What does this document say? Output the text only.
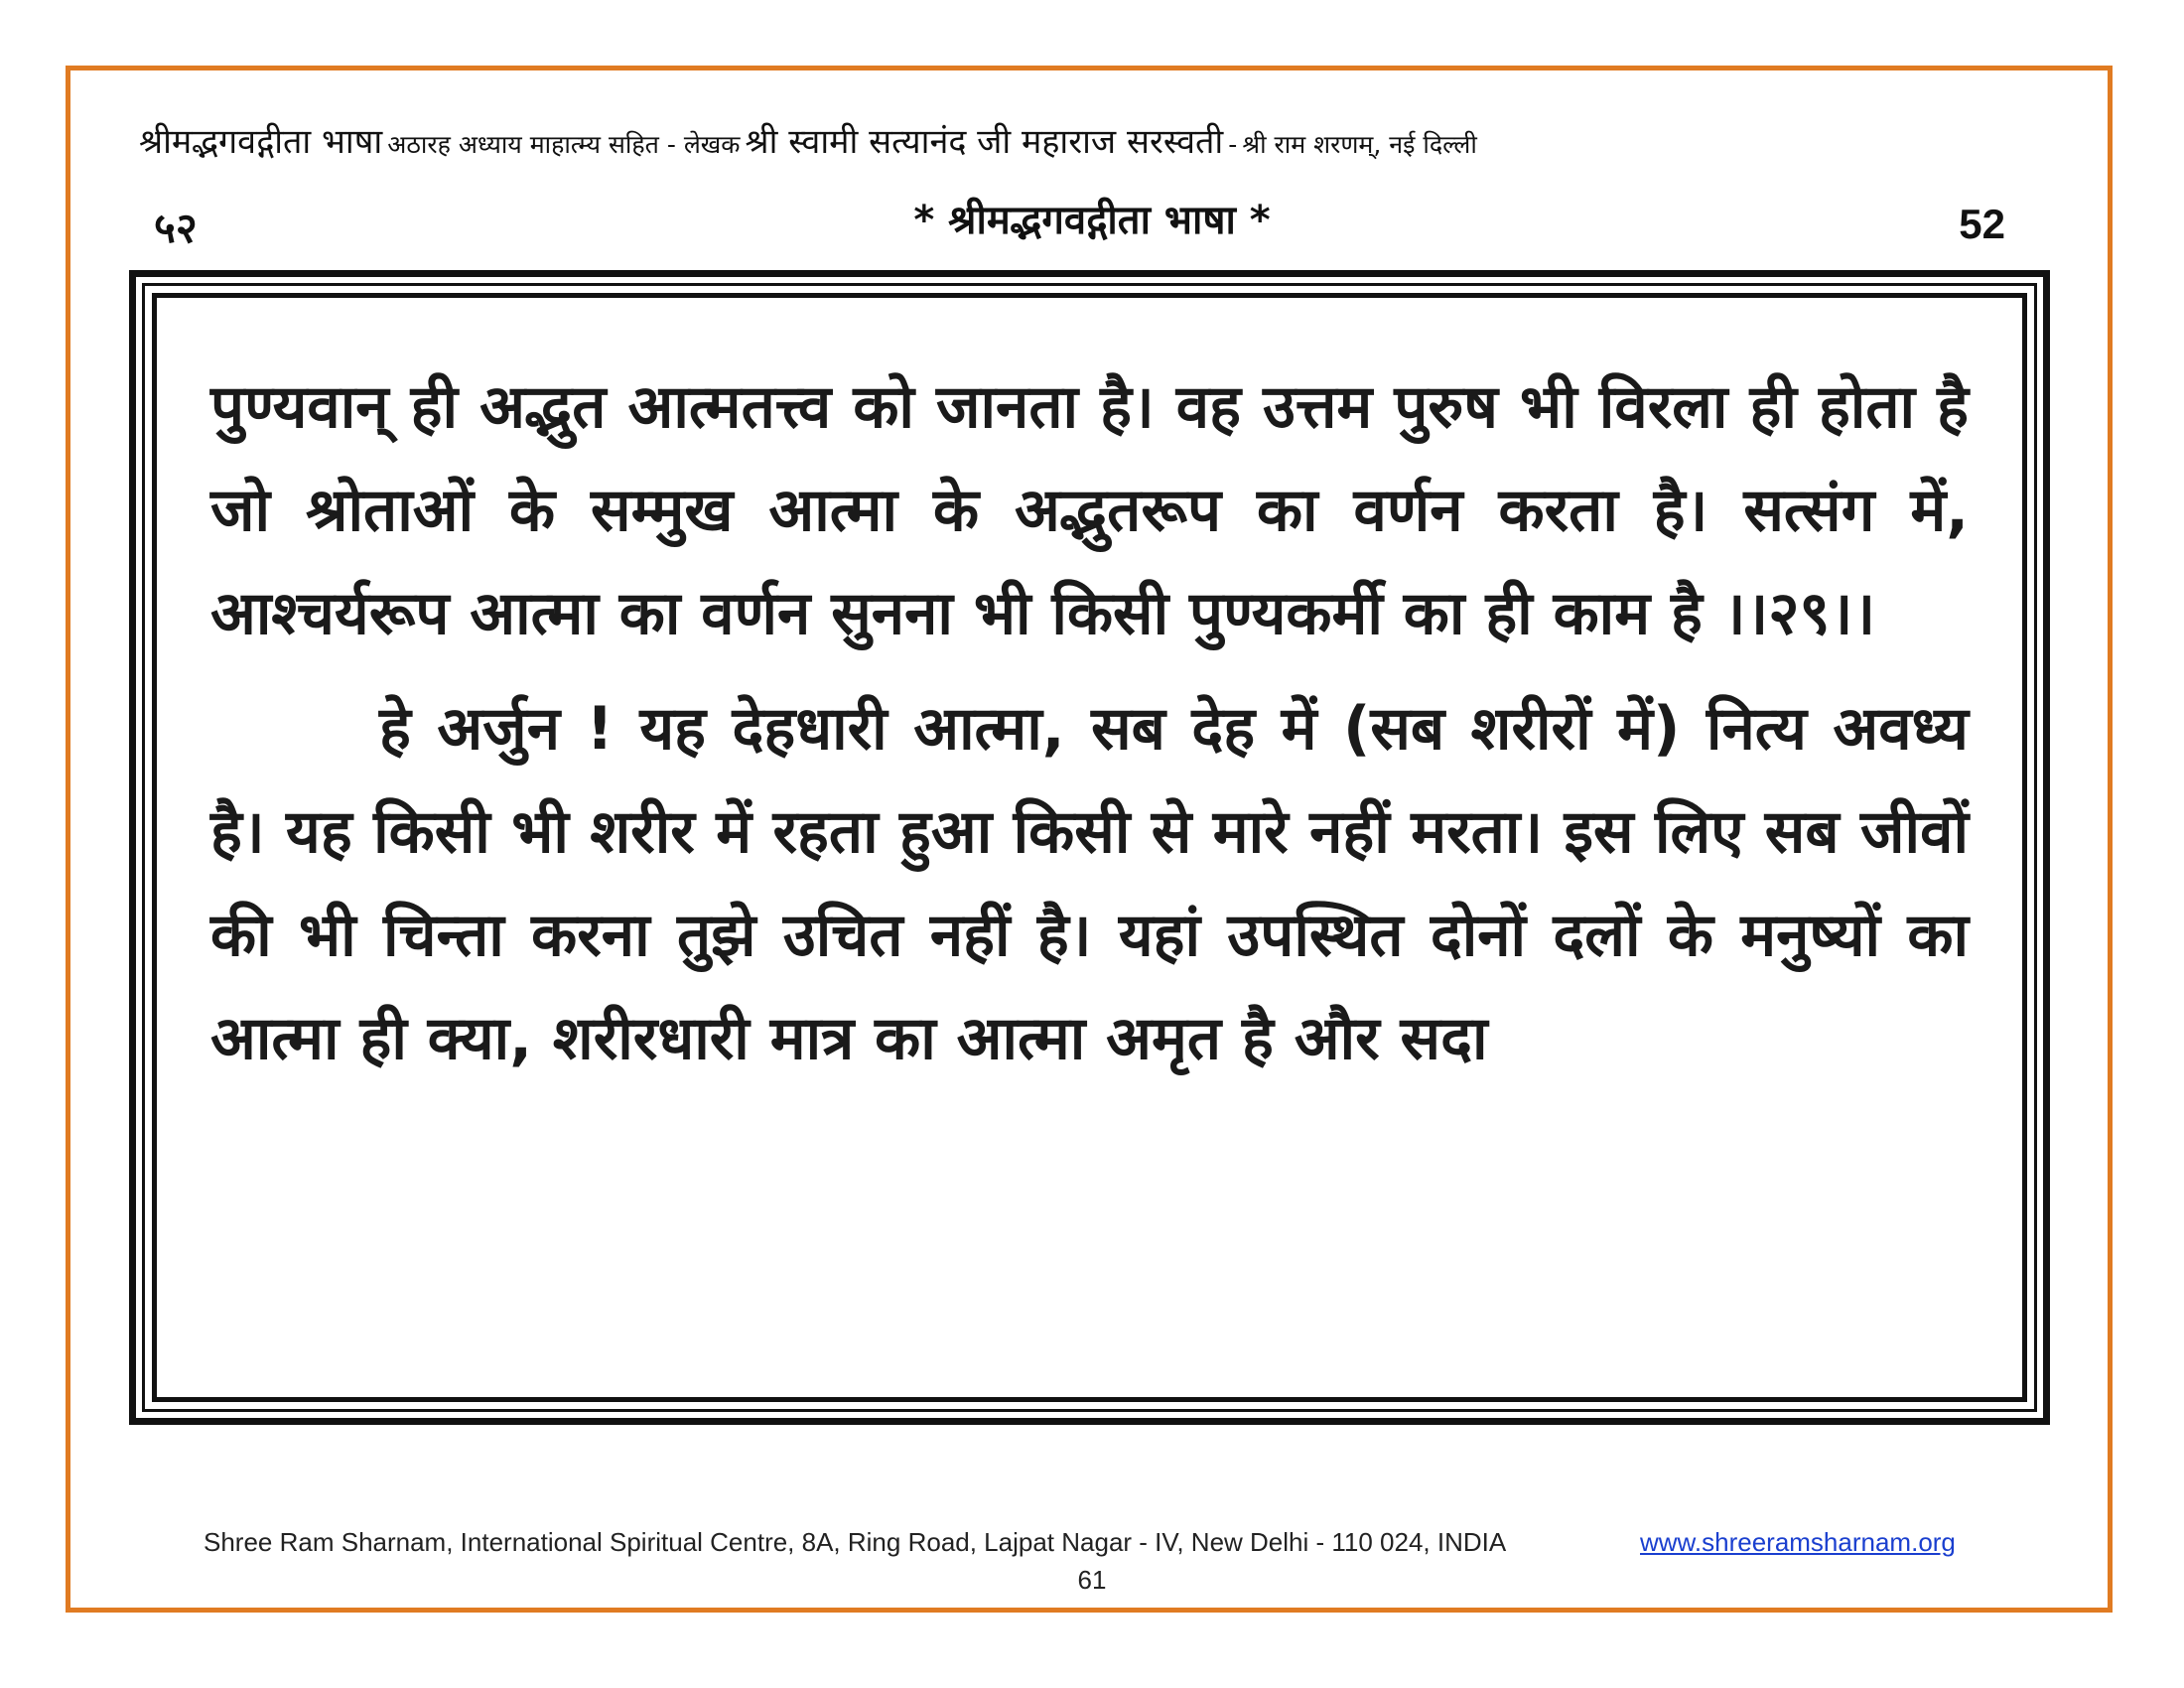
श्रीमद्भगवद्गीता भाषा अठारह अध्याय माहात्म्य सहित - लेखक श्री स्वामी सत्यानंद जी महाराज सरस्वती - श्री राम शरणम्, नई दिल्ली
५२	* श्रीमद्भगवद्गीता भाषा *	52

पुण्यवान् ही अद्भुत आत्मतत्त्व को जानता है। वह उत्तम पुरुष भी विरला ही होता है जो श्रोताओं के सम्मुख आत्मा के अद्भुतरूप का वर्णन करता है। सत्संग में, आश्चर्यरूप आत्मा का वर्णन सुनना भी किसी पुण्यकर्मी का ही काम है ।।२९।।

हे अर्जुन ! यह देहधारी आत्मा, सब देह में (सब शरीरों में) नित्य अवध्य है। यह किसी भी शरीर में रहता हुआ किसी से मारे नहीं मरता। इस लिए सब जीवों की भी चिन्ता करना तुझे उचित नहीं है। यहां उपस्थित दोनों दलों के मनुष्यों का आत्मा ही क्या, शरीरधारी मात्र का आत्मा अमृत है और सदा

Shree Ram Sharnam, International Spiritual Centre, 8A, Ring Road, Lajpat Nagar - IV, New Delhi - 110 024, INDIA	www.shreeramsharnam.org
61
